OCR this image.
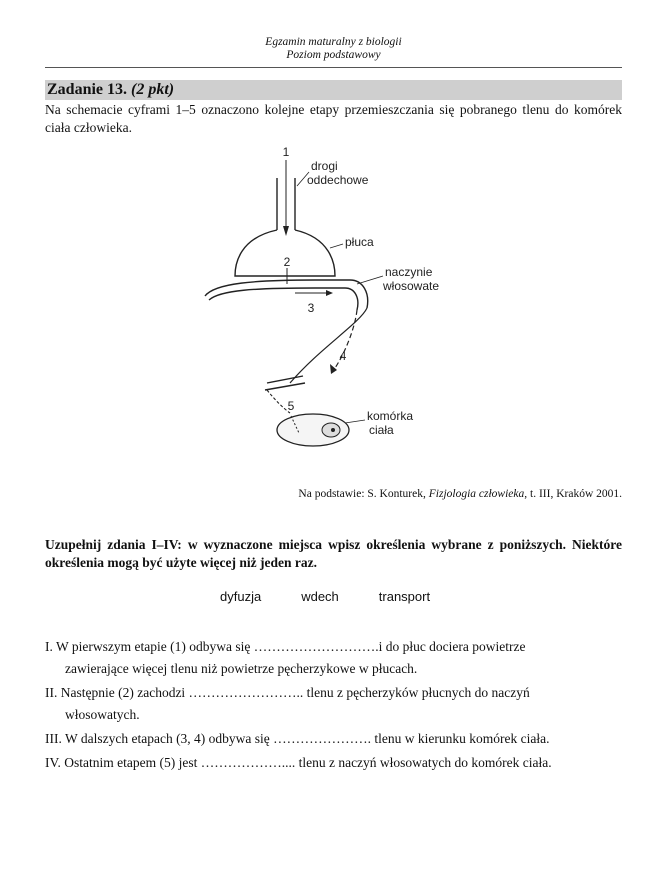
Egzamin maturalny z biologii
Poziom podstawowy
Zadanie 13. (2 pkt)
Na schemacie cyframi 1–5 oznaczono kolejne etapy przemieszczania się pobranego tlenu do komórek ciała człowieka.
1
2
3
4
5
drogi
oddechowe
płuca
naczynie
włosowate
komórka
ciała
Na podstawie: S. Konturek, Fizjologia człowieka, t. III, Kraków 2001.
Uzupełnij zdania I–IV: w wyznaczone miejsca wpisz określenia wybrane z poniższych. Niektóre określenia mogą być użyte więcej niż jeden raz.
dyfuzja	wdech	transport
I. W pierwszym etapie (1) odbywa się ……………………….i do płuc dociera powietrze
zawierające więcej tlenu niż powietrze pęcherzykowe w płucach.
II. Następnie (2) zachodzi …………………….. tlenu z pęcherzyków płucnych do naczyń
włosowatych.
III. W dalszych etapach (3, 4) odbywa się …………………. tlenu w kierunku komórek ciała.
IV. Ostatnim etapem (5) jest ……………….... tlenu z naczyń włosowatych do komórek ciała.
